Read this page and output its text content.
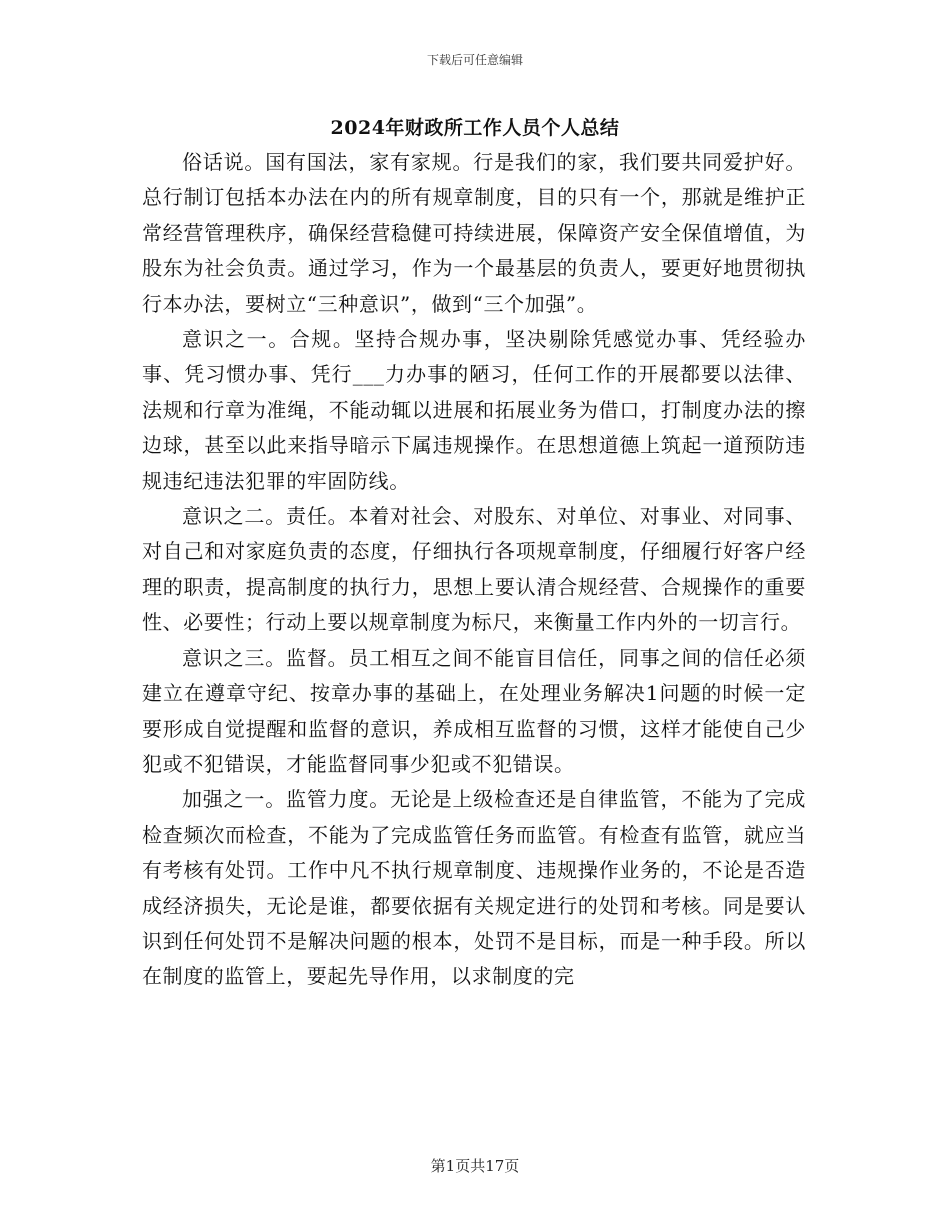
下载后可任意编辑
2024年财政所工作人员个人总结

俗话说。国有国法，家有家规。行是我们的家，我们要共同爱护好。总行制订包括本办法在内的所有规章制度，目的只有一个，那就是维护正常经营管理秩序，确保经营稳健可持续进展，保障资产安全保值增值，为股东为社会负责。通过学习，作为一个最基层的负责人，要更好地贯彻执行本办法，要树立“三种意识”，做到“三个加强”。

意识之一。合规。坚持合规办事，坚决剔除凭感觉办事、凭经验办事、凭习惯办事、凭行___力办事的陋习，任何工作的开展都要以法律、法规和行章为准绳，不能动辄以进展和拓展业务为借口，打制度办法的擦边球，甚至以此来指导暗示下属违规操作。在思想道德上筑起一道预防违规违纪违法犯罪的牢固防线。

意识之二。责任。本着对社会、对股东、对单位、对事业、对同事、对自己和对家庭负责的态度，仔细执行各项规章制度，仔细履行好客户经理的职责，提高制度的执行力，思想上要认清合规经营、合规操作的重要性、必要性；行动上要以规章制度为标尺，来衡量工作内外的一切言行。

意识之三。监督。员工相互之间不能盲目信任，同事之间的信任必须建立在遵章守纪、按章办事的基础上，在处理业务解决1问题的时候一定要形成自觉提醒和监督的意识，养成相互监督的习惯，这样才能使自己少犯或不犯错误，才能监督同事少犯或不犯错误。

加强之一。监管力度。无论是上级检查还是自律监管，不能为了完成检查频次而检查，不能为了完成监管任务而监管。有检查有监管，就应当有考核有处罚。工作中凡不执行规章制度、违规操作业务的，不论是否造成经济损失，无论是谁，都要依据有关规定进行的处罚和考核。同是要认识到任何处罚不是解决问题的根本，处罚不是目标，而是一种手段。所以在制度的监管上，要起先导作用，以求制度的完

第1页共17页
